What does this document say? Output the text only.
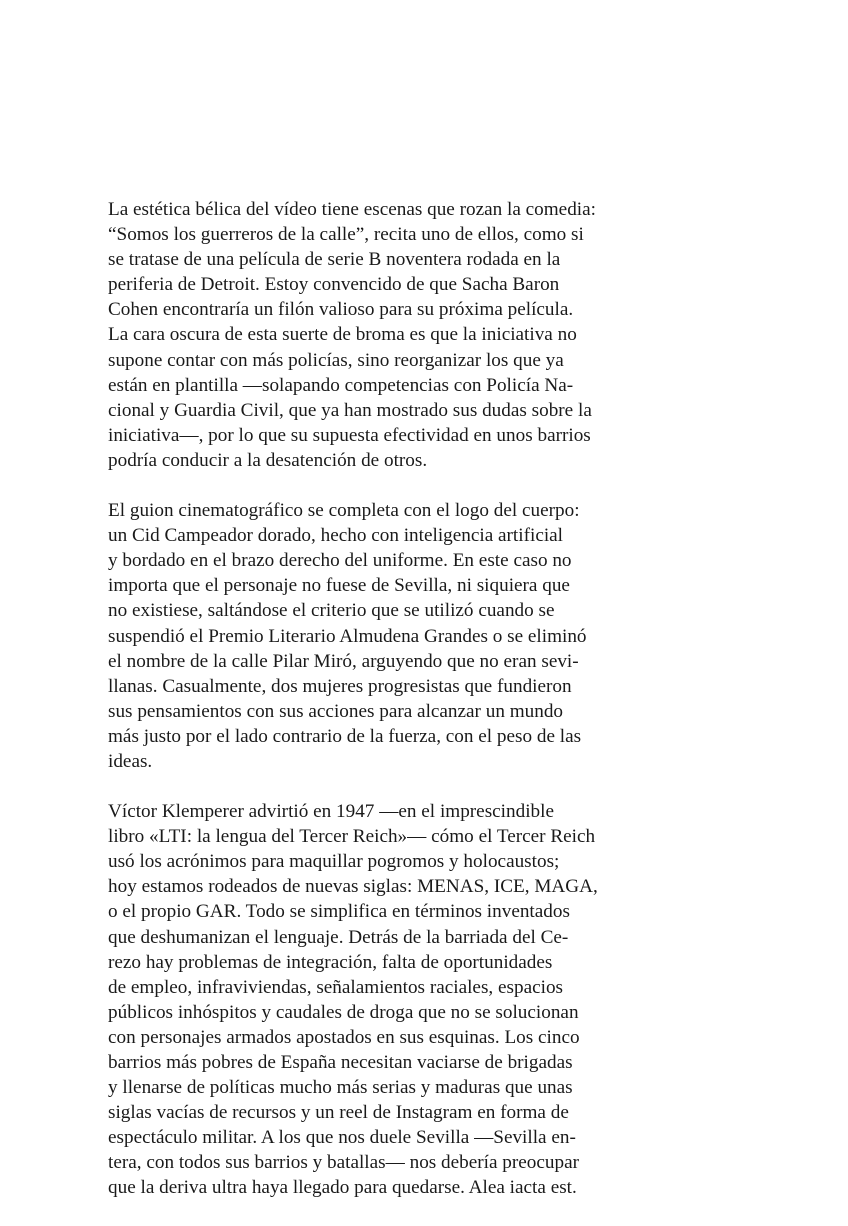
La estética bélica del vídeo tiene escenas que rozan la comedia:
“Somos los guerreros de la calle”, recita uno de ellos, como si
se tratase de una película de serie B noventera rodada en la
periferia de Detroit. Estoy convencido de que Sacha Baron
Cohen encontraría un filón valioso para su próxima película.
La cara oscura de esta suerte de broma es que la iniciativa no
supone contar con más policías, sino reorganizar los que ya
están en plantilla —solapando competencias con Policía Na-
cional y Guardia Civil, que ya han mostrado sus dudas sobre la
iniciativa—, por lo que su supuesta efectividad en unos barrios
podría conducir a la desatención de otros.

El guion cinematográfico se completa con el logo del cuerpo:
un Cid Campeador dorado, hecho con inteligencia artificial
y bordado en el brazo derecho del uniforme. En este caso no
importa que el personaje no fuese de Sevilla, ni siquiera que
no existiese, saltándose el criterio que se utilizó cuando se
suspendió el Premio Literario Almudena Grandes o se eliminó
el nombre de la calle Pilar Miró, arguyendo que no eran sevi-
llanas. Casualmente, dos mujeres progresistas que fundieron
sus pensamientos con sus acciones para alcanzar un mundo
más justo por el lado contrario de la fuerza, con el peso de las
ideas.

Víctor Klemperer advirtió en 1947 —en el imprescindible
libro «LTI: la lengua del Tercer Reich»— cómo el Tercer Reich
usó los acrónimos para maquillar pogromos y holocaustos;
hoy estamos rodeados de nuevas siglas: MENAS, ICE, MAGA,
o el propio GAR. Todo se simplifica en términos inventados
que deshumanizan el lenguaje. Detrás de la barriada del Ce-
rezo hay problemas de integración, falta de oportunidades
de empleo, infraviviendas, señalamientos raciales, espacios
públicos inhóspitos y caudales de droga que no se solucionan
con personajes armados apostados en sus esquinas. Los cinco
barrios más pobres de España necesitan vaciarse de brigadas
y llenarse de políticas mucho más serias y maduras que unas
siglas vacías de recursos y un reel de Instagram en forma de
espectáculo militar. A los que nos duele Sevilla —Sevilla en-
tera, con todos sus barrios y batallas— nos debería preocupar
que la deriva ultra haya llegado para quedarse. Alea iacta est.
